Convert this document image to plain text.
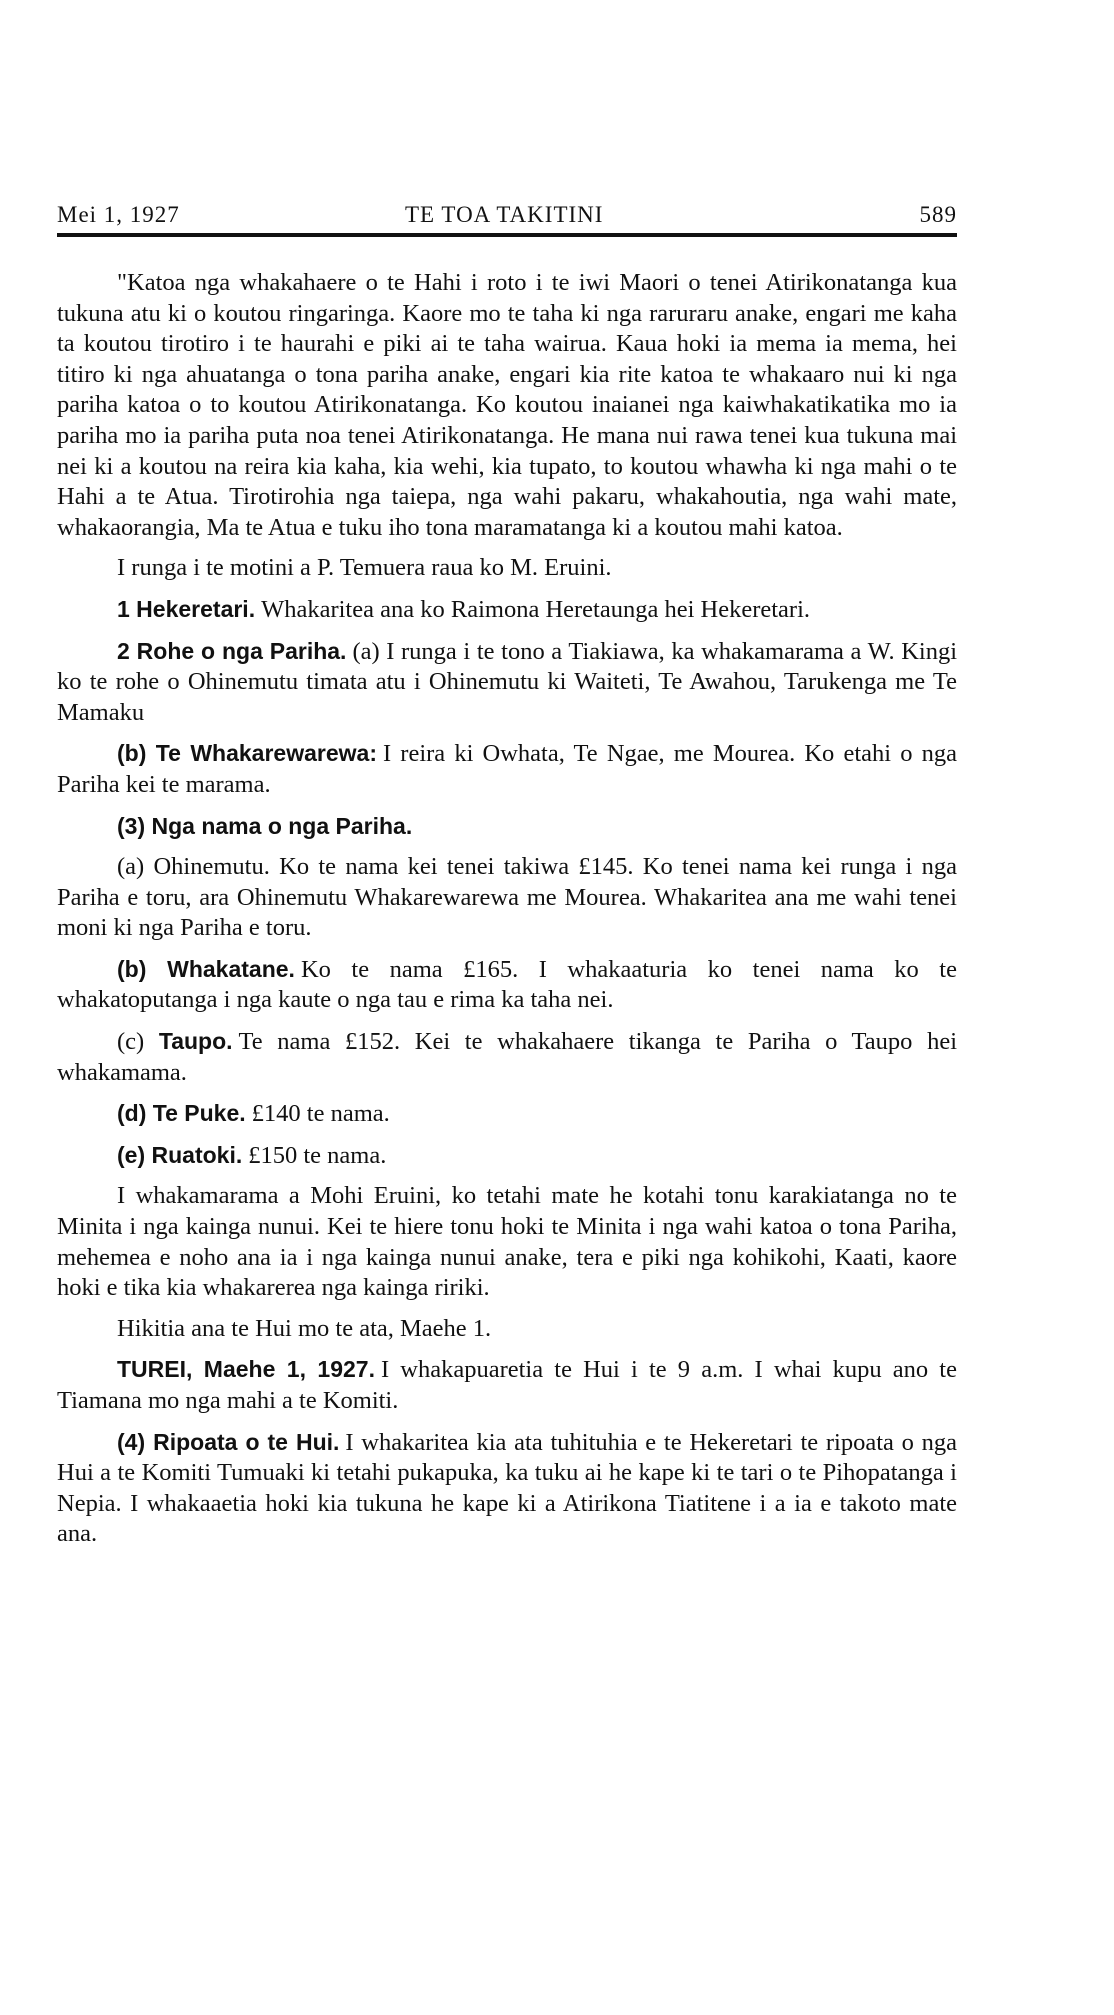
Mei 1, 1927	TE TOA TAKITINI	589

"Katoa nga whakahaere o te Hahi i roto i te iwi Maori o tenei Atirikonatanga kua tukuna atu ki o koutou ringaringa. Kaore mo te taha ki nga raruraru anake, engari me kaha ta koutou tirotiro i te haurahi e piki ai te taha wairua. Kaua hoki ia mema ia mema, hei titiro ki nga ahuatanga o tona pariha anake, engari kia rite katoa te whakaaro nui ki nga pariha katoa o to koutou Atirikonatanga. Ko koutou inaianei nga kaiwhakatikatika mo ia pariha mo ia pariha puta noa tenei Atirikonatanga. He mana nui rawa tenei kua tukuna mai nei ki a koutou na reira kia kaha, kia wehi, kia tupato, to koutou whawha ki nga mahi o te Hahi a te Atua. Tirotirohia nga taiepa, nga wahi pakaru, whakahoutia, nga wahi mate, whakaorangia, Ma te Atua e tuku iho tona maramatanga ki a koutou mahi katoa.

I runga i te motini a P. Temuera raua ko M. Eruini.

1 Hekeretari. Whakaritea ana ko Raimona Heretaunga hei Hekeretari.

2 Rohe o nga Pariha. (a) I runga i te tono a Tiakiawa, ka whakamarama a W. Kingi ko te rohe o Ohinemutu timata atu i Ohinemutu ki Waiteti, Te Awahou, Tarukenga me Te Mamaku

(b) Te Whakarewarewa: I reira ki Owhata, Te Ngae, me Mourea. Ko etahi o nga Pariha kei te marama.

(3) Nga nama o nga Pariha.

(a) Ohinemutu. Ko te nama kei tenei takiwa £145. Ko tenei nama kei runga i nga Pariha e toru, ara Ohinemutu Whakarewarewa me Mourea. Whakaritea ana me wahi tenei moni ki nga Pariha e toru.

(b) Whakatane. Ko te nama £165. I whakaaturia ko tenei nama ko te whakatoputanga i nga kaute o nga tau e rima ka taha nei.

(c) Taupo. Te nama £152. Kei te whakahaere tikanga te Pariha o Taupo hei whakamama.

(d) Te Puke. £140 te nama.

(e) Ruatoki. £150 te nama.

I whakamarama a Mohi Eruini, ko tetahi mate he kotahi tonu karakiatanga no te Minita i nga kainga nunui. Kei te hiere tonu hoki te Minita i nga wahi katoa o tona Pariha, mehemea e noho ana ia i nga kainga nunui anake, tera e piki nga kohikohi, Kaati, kaore hoki e tika kia whakarerea nga kainga ririki.

Hikitia ana te Hui mo te ata, Maehe 1.

TUREI, Maehe 1, 1927. I whakapuaretia te Hui i te 9 a.m. I whai kupu ano te Tiamana mo nga mahi a te Komiti.

(4) Ripoata o te Hui. I whakaritea kia ata tuhituhia e te Hekeretari te ripoata o nga Hui a te Komiti Tumuaki ki tetahi pukapuka, ka tuku ai he kape ki te tari o te Pihopatanga i Nepia. I whakaaetia hoki kia tukuna he kape ki a Atirikona Tiatitene i a ia e takoto mate ana.
